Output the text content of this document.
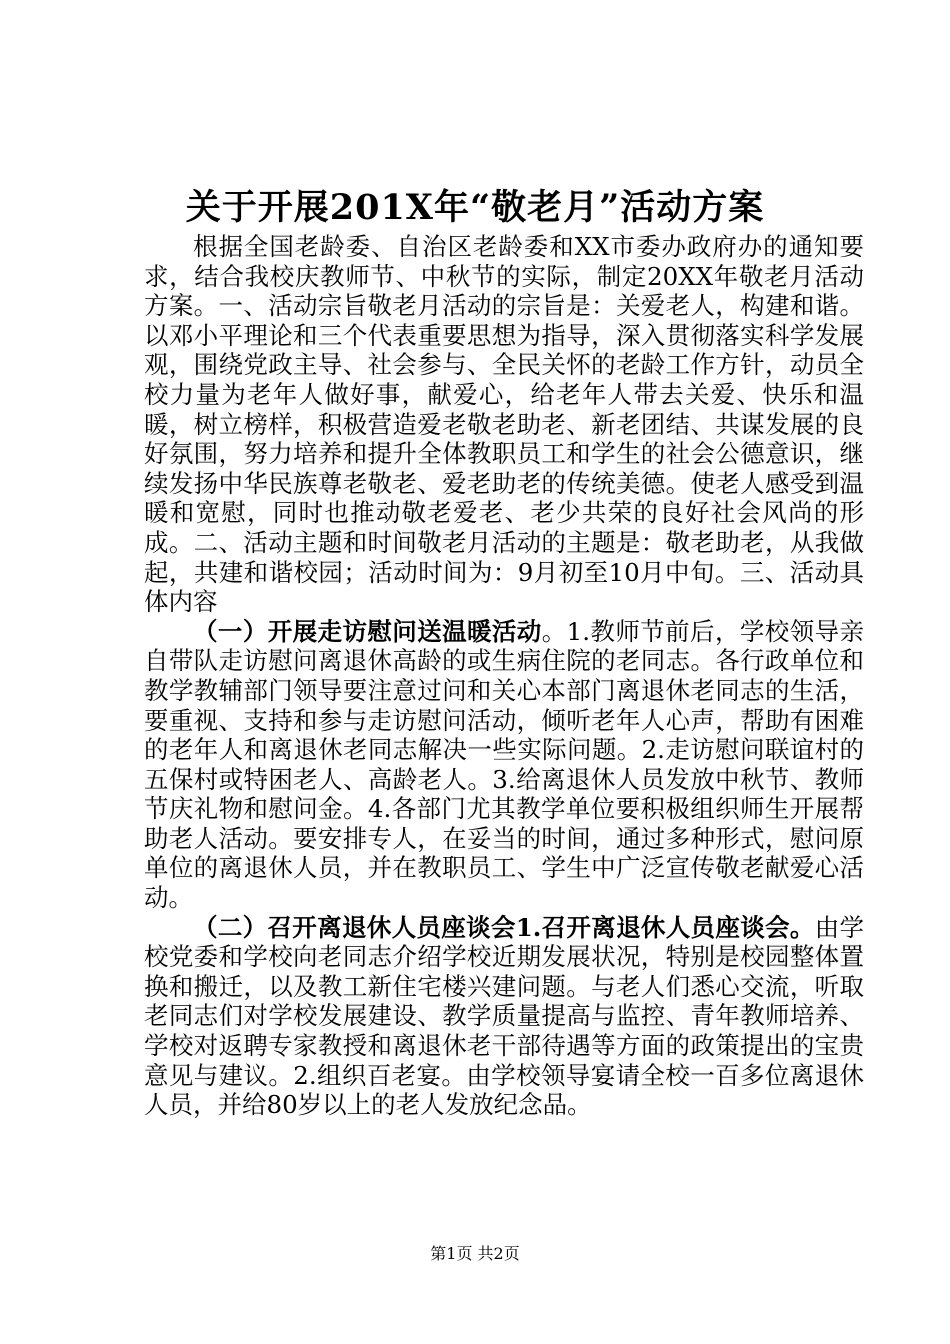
关于开展201X年“敬老月”活动方案

根据全国老龄委、自治区老龄委和XX市委办政府办的通知要求，结合我校庆教师节、中秋节的实际，制定20XX年敬老月活动方案。一、活动宗旨敬老月活动的宗旨是：关爱老人，构建和谐。以邓小平理论和三个代表重要思想为指导，深入贯彻落实科学发展观，围绕党政主导、社会参与、全民关怀的老龄工作方针，动员全校力量为老年人做好事，献爱心，给老年人带去关爱、快乐和温暖，树立榜样，积极营造爱老敬老助老、新老团结、共谋发展的良好氛围，努力培养和提升全体教职员工和学生的社会公德意识，继续发扬中华民族尊老敬老、爱老助老的传统美德。使老人感受到温暖和宽慰，同时也推动敬老爱老、老少共荣的良好社会风尚的形成。二、活动主题和时间敬老月活动的主题是：敬老助老，从我做起，共建和谐校园；活动时间为：9月初至10月中旬。三、活动具体内容

（一）开展走访慰问送温暖活动。1.教师节前后，学校领导亲自带队走访慰问离退休高龄的或生病住院的老同志。各行政单位和教学教辅部门领导要注意过问和关心本部门离退休老同志的生活，要重视、支持和参与走访慰问活动，倾听老年人心声，帮助有困难的老年人和离退休老同志解决一些实际问题。2.走访慰问联谊村的五保村或特困老人、高龄老人。3.给离退休人员发放中秋节、教师节庆礼物和慰问金。4.各部门尤其教学单位要积极组织师生开展帮助老人活动。要安排专人，在妥当的时间，通过多种形式，慰问原单位的离退休人员，并在教职员工、学生中广泛宣传敬老献爱心活动。

（二）召开离退休人员座谈会1.召开离退休人员座谈会。由学校党委和学校向老同志介绍学校近期发展状况，特别是校园整体置换和搬迁，以及教工新住宅楼兴建问题。与老人们悉心交流，听取老同志们对学校发展建设、教学质量提高与监控、青年教师培养、学校对返聘专家教授和离退休老干部待遇等方面的政策提出的宝贵意见与建议。2.组织百老宴。由学校领导宴请全校一百多位离退休人员，并给80岁以上的老人发放纪念品。

第1页 共2页
